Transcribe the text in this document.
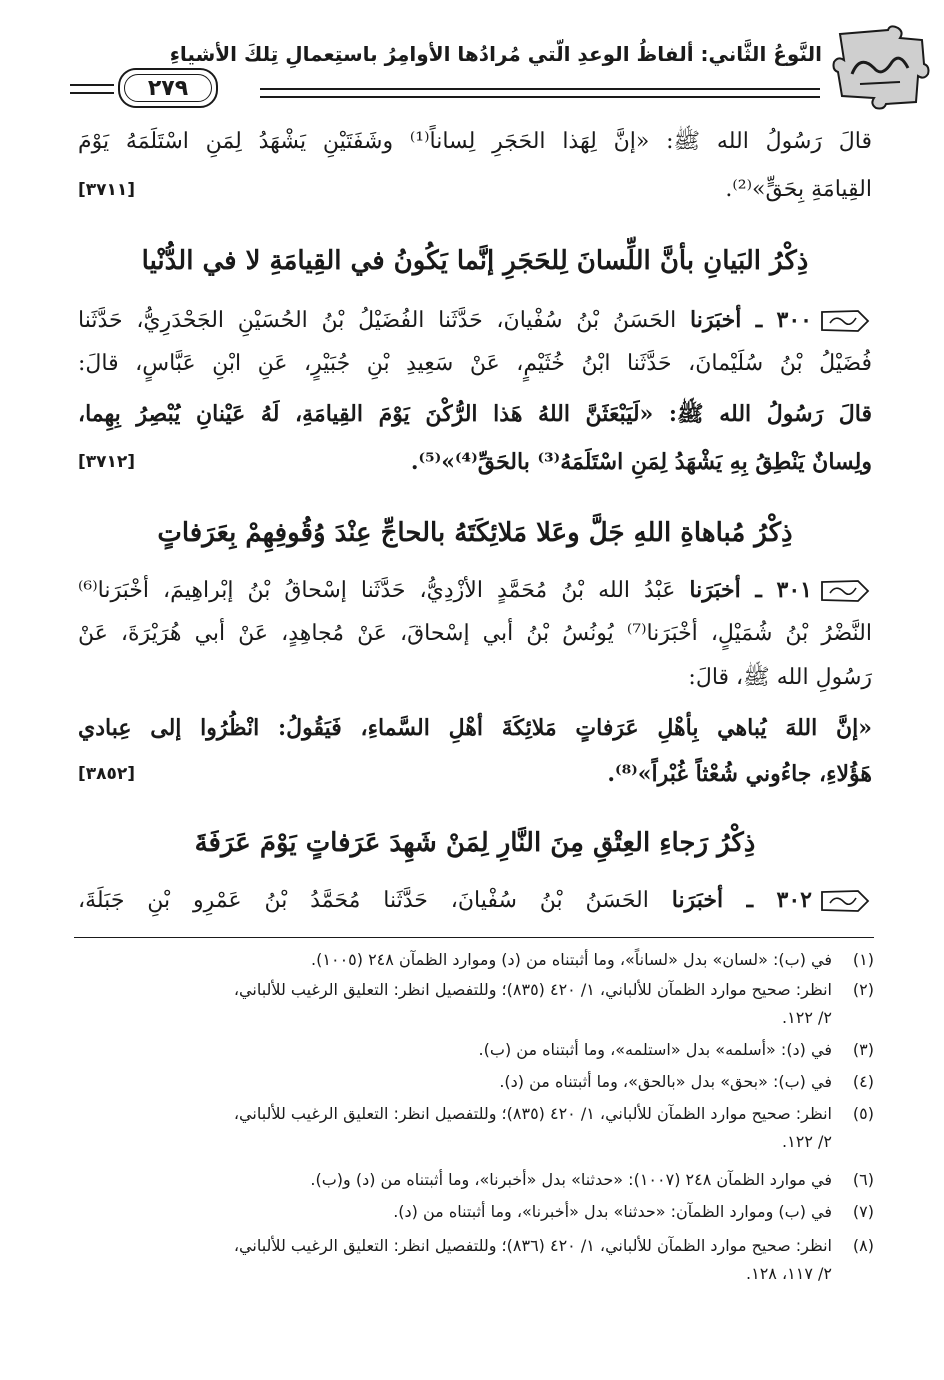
النَّوعُ الثَّاني: ألفاظُ الوعدِ الّتي مُرادُها الأوامِرُ باستِعمالِ تِلكَ الأشياءِ
٢٧٩
قالَ رَسُولُ الله ﷺ: «إنَّ لِهَذا الحَجَرِ لِساناً⁽¹⁾ وشَفَتَيْنِ يَشْهَدُ لِمَنِ اسْتَلَمَهُ يَوْمَ
القِيامَةِ بِحَقٍّ»⁽²⁾.
[٣٧١١]
ذِكْرُ البَيانِ بأنَّ اللِّسانَ لِلحَجَرِ إنَّما يَكُونُ في القِيامَةِ لا في الدُّنْيا
٣٠٠ ـ أخبَرَنا الحَسَنُ بْنُ سُفْيانَ، حَدَّثَنا الفُضَيْلُ بْنُ الحُسَيْنِ الجَحْدَرِيُّ، حَدَّثَنا
فُضَيْلُ بْنُ سُلَيْمانَ، حَدَّثَنا ابْنُ خُثَيْمٍ، عَنْ سَعِيدِ بْنِ جُبَيْرٍ، عَنِ ابْنِ عَبَّاسٍ، قالَ:
قالَ رَسُولُ الله ﷺ: «لَيَبْعَثَنَّ اللهُ هَذا الرُّكْنَ يَوْمَ القِيامَةِ، لَهُ عَيْنانِ يُبْصِرُ بِهِما،
ولِسانٌ يَنْطِقُ بِهِ يَشْهَدُ لِمَنِ اسْتَلَمَهُ⁽³⁾ بالحَقِّ⁽⁴⁾»⁽⁵⁾.
[٣٧١٢]
ذِكْرُ مُباهاةِ اللهِ جَلَّ وعَلا مَلائِكَتَهُ بالحاجِّ عِنْدَ وُقُوفِهِمْ بِعَرَفاتٍ
٣٠١ ـ أخبَرَنا عَبْدُ الله بْنُ مُحَمَّدٍ الأزْدِيُّ، حَدَّثَنا إسْحاقُ بْنُ إبْراهِيمَ، أخْبَرَنا⁽⁶⁾
النَّضْرُ بْنُ شُمَيْلٍ، أخْبَرَنا⁽⁷⁾ يُونُسُ بْنُ أبي إسْحاقَ، عَنْ مُجاهِدٍ، عَنْ أبي هُرَيْرَةَ، عَنْ
رَسُولِ الله ﷺ، قالَ:
«إنَّ اللهَ يُباهي بِأهْلِ عَرَفاتٍ مَلائِكَةَ أهْلِ السَّماءِ، فَيَقُولُ: انْظُرُوا إلى عِبادي
هَؤُلاءِ، جاءُوني شُعْثاً غُبْراً»⁽⁸⁾.
[٣٨٥٢]
ذِكْرُ رَجاءِ العِتْقِ مِنَ النَّارِ لِمَنْ شَهِدَ عَرَفاتٍ يَوْمَ عَرَفَةَ
٣٠٢ ـ أخبَرَنا الحَسَنُ بْنُ سُفْيانَ، حَدَّثَنا مُحَمَّدُ بْنُ عَمْرِو بْنِ جَبَلَةَ،
(١)
في (ب): «لسان» بدل «لساناً»، وما أثبتناه من (د) وموارد الظمآن ٢٤٨ (١٠٠٥).
(٢)
انظر: صحيح موارد الظمآن للألباني، ١/ ٤٢٠ (٨٣٥)؛ وللتفصيل انظر: التعليق الرغيب للألباني،
٢/ ١٢٢.
(٣)
في (د): «أسلمه» بدل «استلمه»، وما أثبتناه من (ب).
(٤)
في (ب): «بحق» بدل «بالحق»، وما أثبتناه من (د).
(٥)
انظر: صحيح موارد الظمآن للألباني، ١/ ٤٢٠ (٨٣٥)؛ وللتفصيل انظر: التعليق الرغيب للألباني،
٢/ ١٢٢.
(٦)
في موارد الظمآن ٢٤٨ (١٠٠٧): «حدثنا» بدل «أخبرنا»، وما أثبتناه من (د) و(ب).
(٧)
في (ب) وموارد الظمآن: «حدثنا» بدل «أخبرنا»، وما أثبتناه من (د).
(٨)
انظر: صحيح موارد الظمآن للألباني، ١/ ٤٢٠ (٨٣٦)؛ وللتفصيل انظر: التعليق الرغيب للألباني،
٢/ ١١٧، ١٢٨.
